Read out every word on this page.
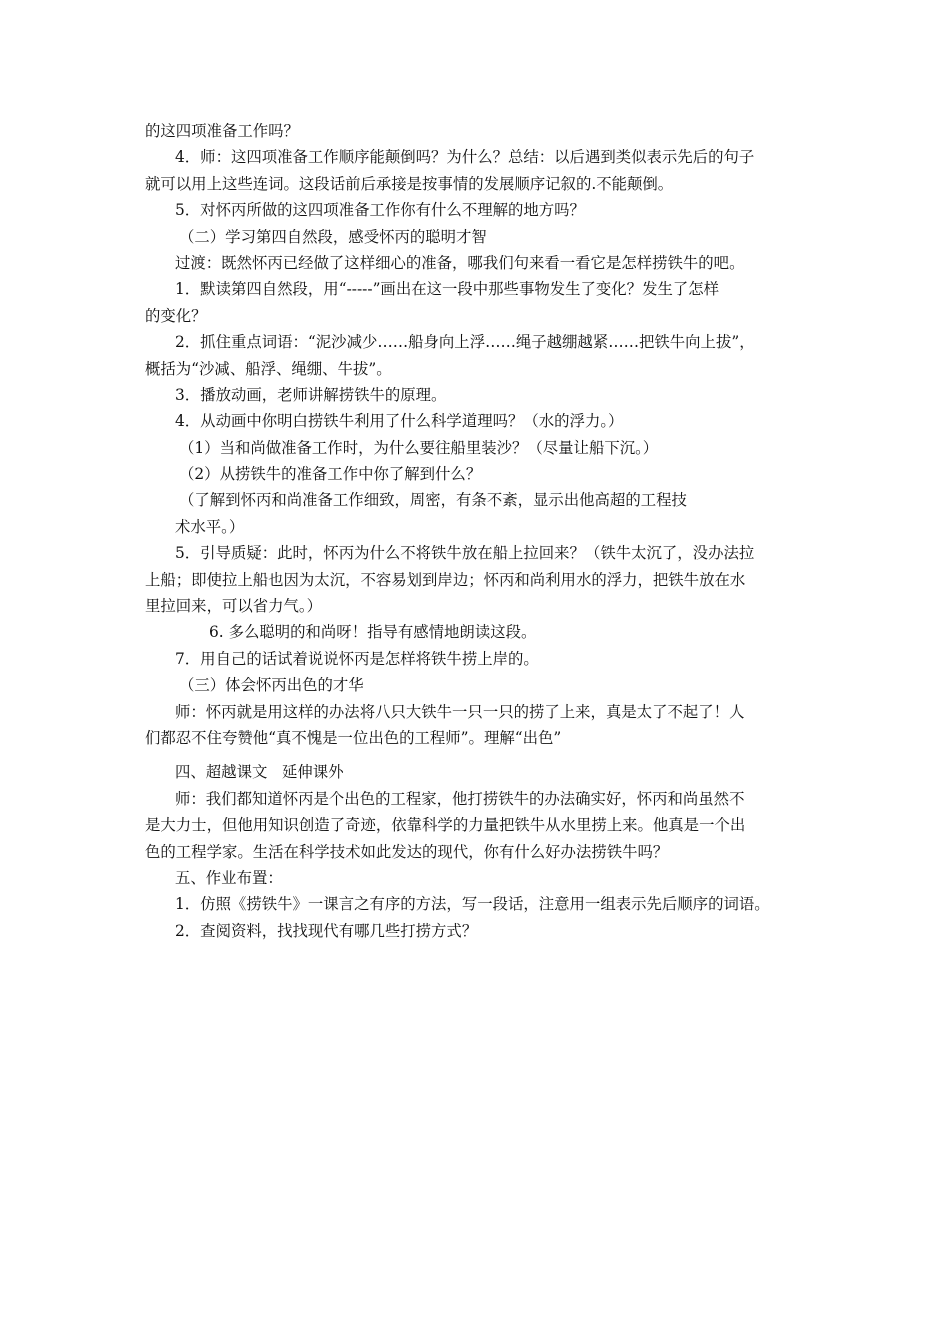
的这四项准备工作吗？
4．师：这四项准备工作顺序能颠倒吗？为什么？总结：以后遇到类似表示先后的句子
就可以用上这些连词。这段话前后承接是按事情的发展顺序记叙的.不能颠倒。
5．对怀丙所做的这四项准备工作你有什么不理解的地方吗？
（二）学习第四自然段，感受怀丙的聪明才智
过渡：既然怀丙已经做了这样细心的准备，哪我们句来看一看它是怎样捞铁牛的吧。
1．默读第四自然段，用“-----”画出在这一段中那些事物发生了变化？发生了怎样
的变化？
2．抓住重点词语：“泥沙减少……船身向上浮……绳子越绷越紧……把铁牛向上拔”，
概括为“沙减、船浮、绳绷、牛拔”。
3．播放动画，老师讲解捞铁牛的原理。
4．从动画中你明白捞铁牛利用了什么科学道理吗？（水的浮力。）
（1）当和尚做准备工作时，为什么要往船里装沙？（尽量让船下沉。）
（2）从捞铁牛的准备工作中你了解到什么？
（了解到怀丙和尚准备工作细致，周密，有条不紊，显示出他高超的工程技
术水平。）
5．引导质疑：此时，怀丙为什么不将铁牛放在船上拉回来？（铁牛太沉了，没办法拉
上船；即使拉上船也因为太沉，不容易划到岸边；怀丙和尚利用水的浮力，把铁牛放在水
里拉回来，可以省力气。）
6. 多么聪明的和尚呀！指导有感情地朗读这段。
7．用自己的话试着说说怀丙是怎样将铁牛捞上岸的。
（三）体会怀丙出色的才华
师：怀丙就是用这样的办法将八只大铁牛一只一只的捞了上来，真是太了不起了！人
们都忍不住夸赞他“真不愧是一位出色的工程师”。理解“出色”
四、超越课文   延伸课外
师：我们都知道怀丙是个出色的工程家，他打捞铁牛的办法确实好，怀丙和尚虽然不
是大力士，但他用知识创造了奇迹，依靠科学的力量把铁牛从水里捞上来。他真是一个出
色的工程学家。生活在科学技术如此发达的现代，你有什么好办法捞铁牛吗？
五、作业布置：
1．仿照《捞铁牛》一课言之有序的方法，写一段话，注意用一组表示先后顺序的词语。
2．查阅资料，找找现代有哪几些打捞方式？
